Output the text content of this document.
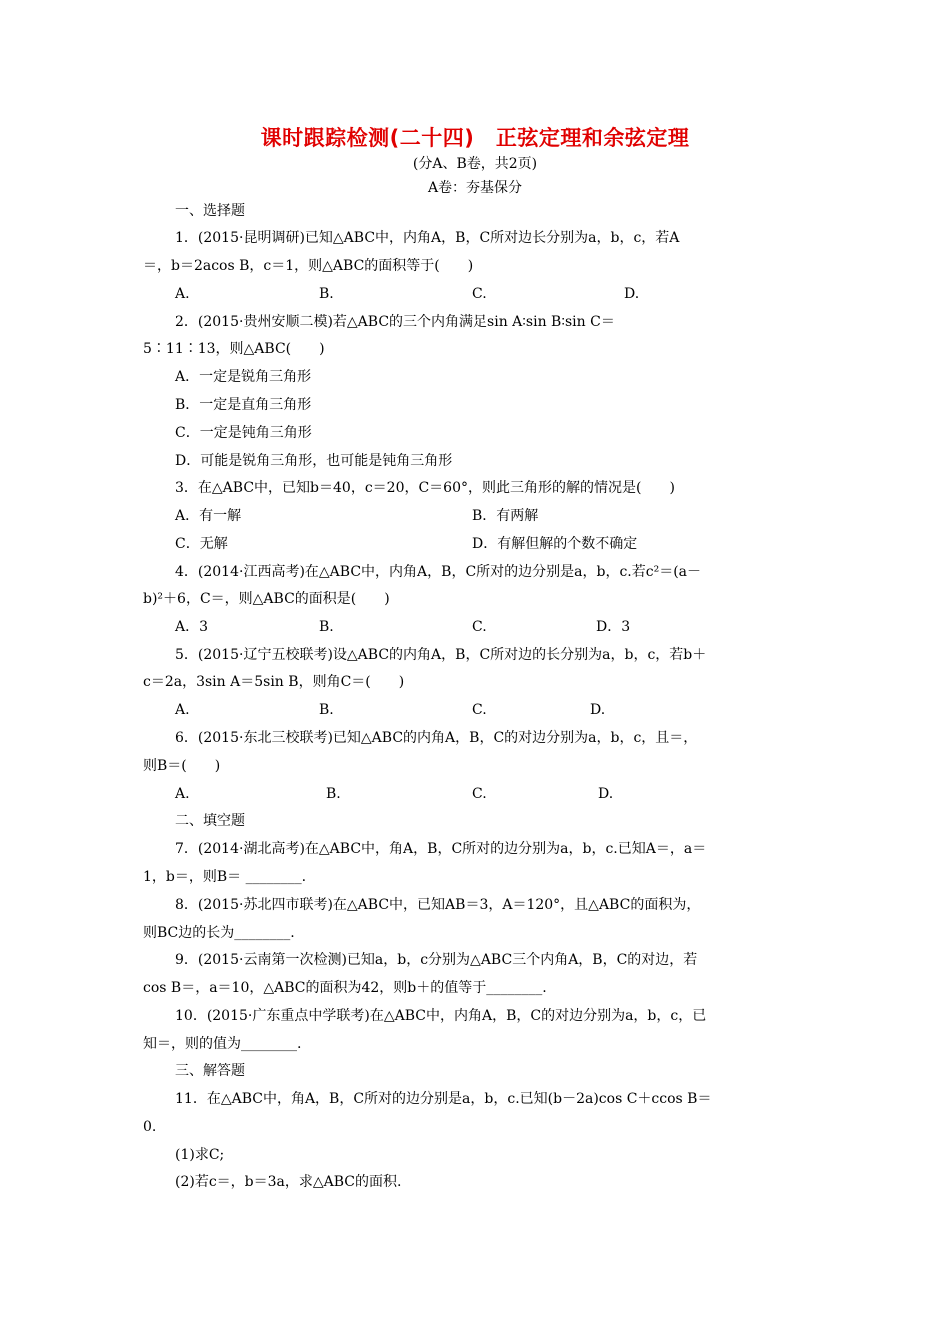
课时跟踪检测(二十四)　正弦定理和余弦定理
(分A、B卷，共2页)
A卷：夯基保分
一、选择题
1．(2015·昆明调研)已知△ABC中，内角A，B，C所对边长分别为a，b，c，若A
＝，b＝2acos B，c＝1，则△ABC的面积等于(　　)
A.	B.	C.	D.
2．(2015·贵州安顺二模)若△ABC的三个内角满足sin A∶sin B∶sin C＝
5∶11∶13，则△ABC(　　)
A．一定是锐角三角形
B．一定是直角三角形
C．一定是钝角三角形
D．可能是锐角三角形，也可能是钝角三角形
3．在△ABC中，已知b＝40，c＝20，C＝60°，则此三角形的解的情况是(　　)
A．有一解	B．有两解
C．无解	D．有解但解的个数不确定
4．(2014·江西高考)在△ABC中，内角A，B，C所对的边分别是a，b，c.若c²＝(a－
b)²＋6，C＝，则△ABC的面积是(　　)
A．3	B.	C.	D．3
5．(2015·辽宁五校联考)设△ABC的内角A，B，C所对边的长分别为a，b，c，若b＋
c＝2a，3sin A＝5sin B，则角C＝(　　)
A.	B.	C.	D.
6．(2015·东北三校联考)已知△ABC的内角A，B，C的对边分别为a，b，c，且＝，
则B＝(　　)
A.	B.	C.	D.
二、填空题
7．(2014·湖北高考)在△ABC中，角A，B，C所对的边分别为a，b，c.已知A＝，a＝
1，b＝，则B＝ ________.
8．(2015·苏北四市联考)在△ABC中，已知AB＝3，A＝120°，且△ABC的面积为，
则BC边的长为________.
9．(2015·云南第一次检测)已知a，b，c分别为△ABC三个内角A，B，C的对边，若
cos B＝，a＝10，△ABC的面积为42，则b＋的值等于________.
10．(2015·广东重点中学联考)在△ABC中，内角A，B，C的对边分别为a，b，c，已
知＝，则的值为________.
三、解答题
11．在△ABC中，角A，B，C所对的边分别是a，b，c.已知(b－2a)cos C＋ccos B＝
0.
(1)求C;
(2)若c＝，b＝3a，求△ABC的面积.
